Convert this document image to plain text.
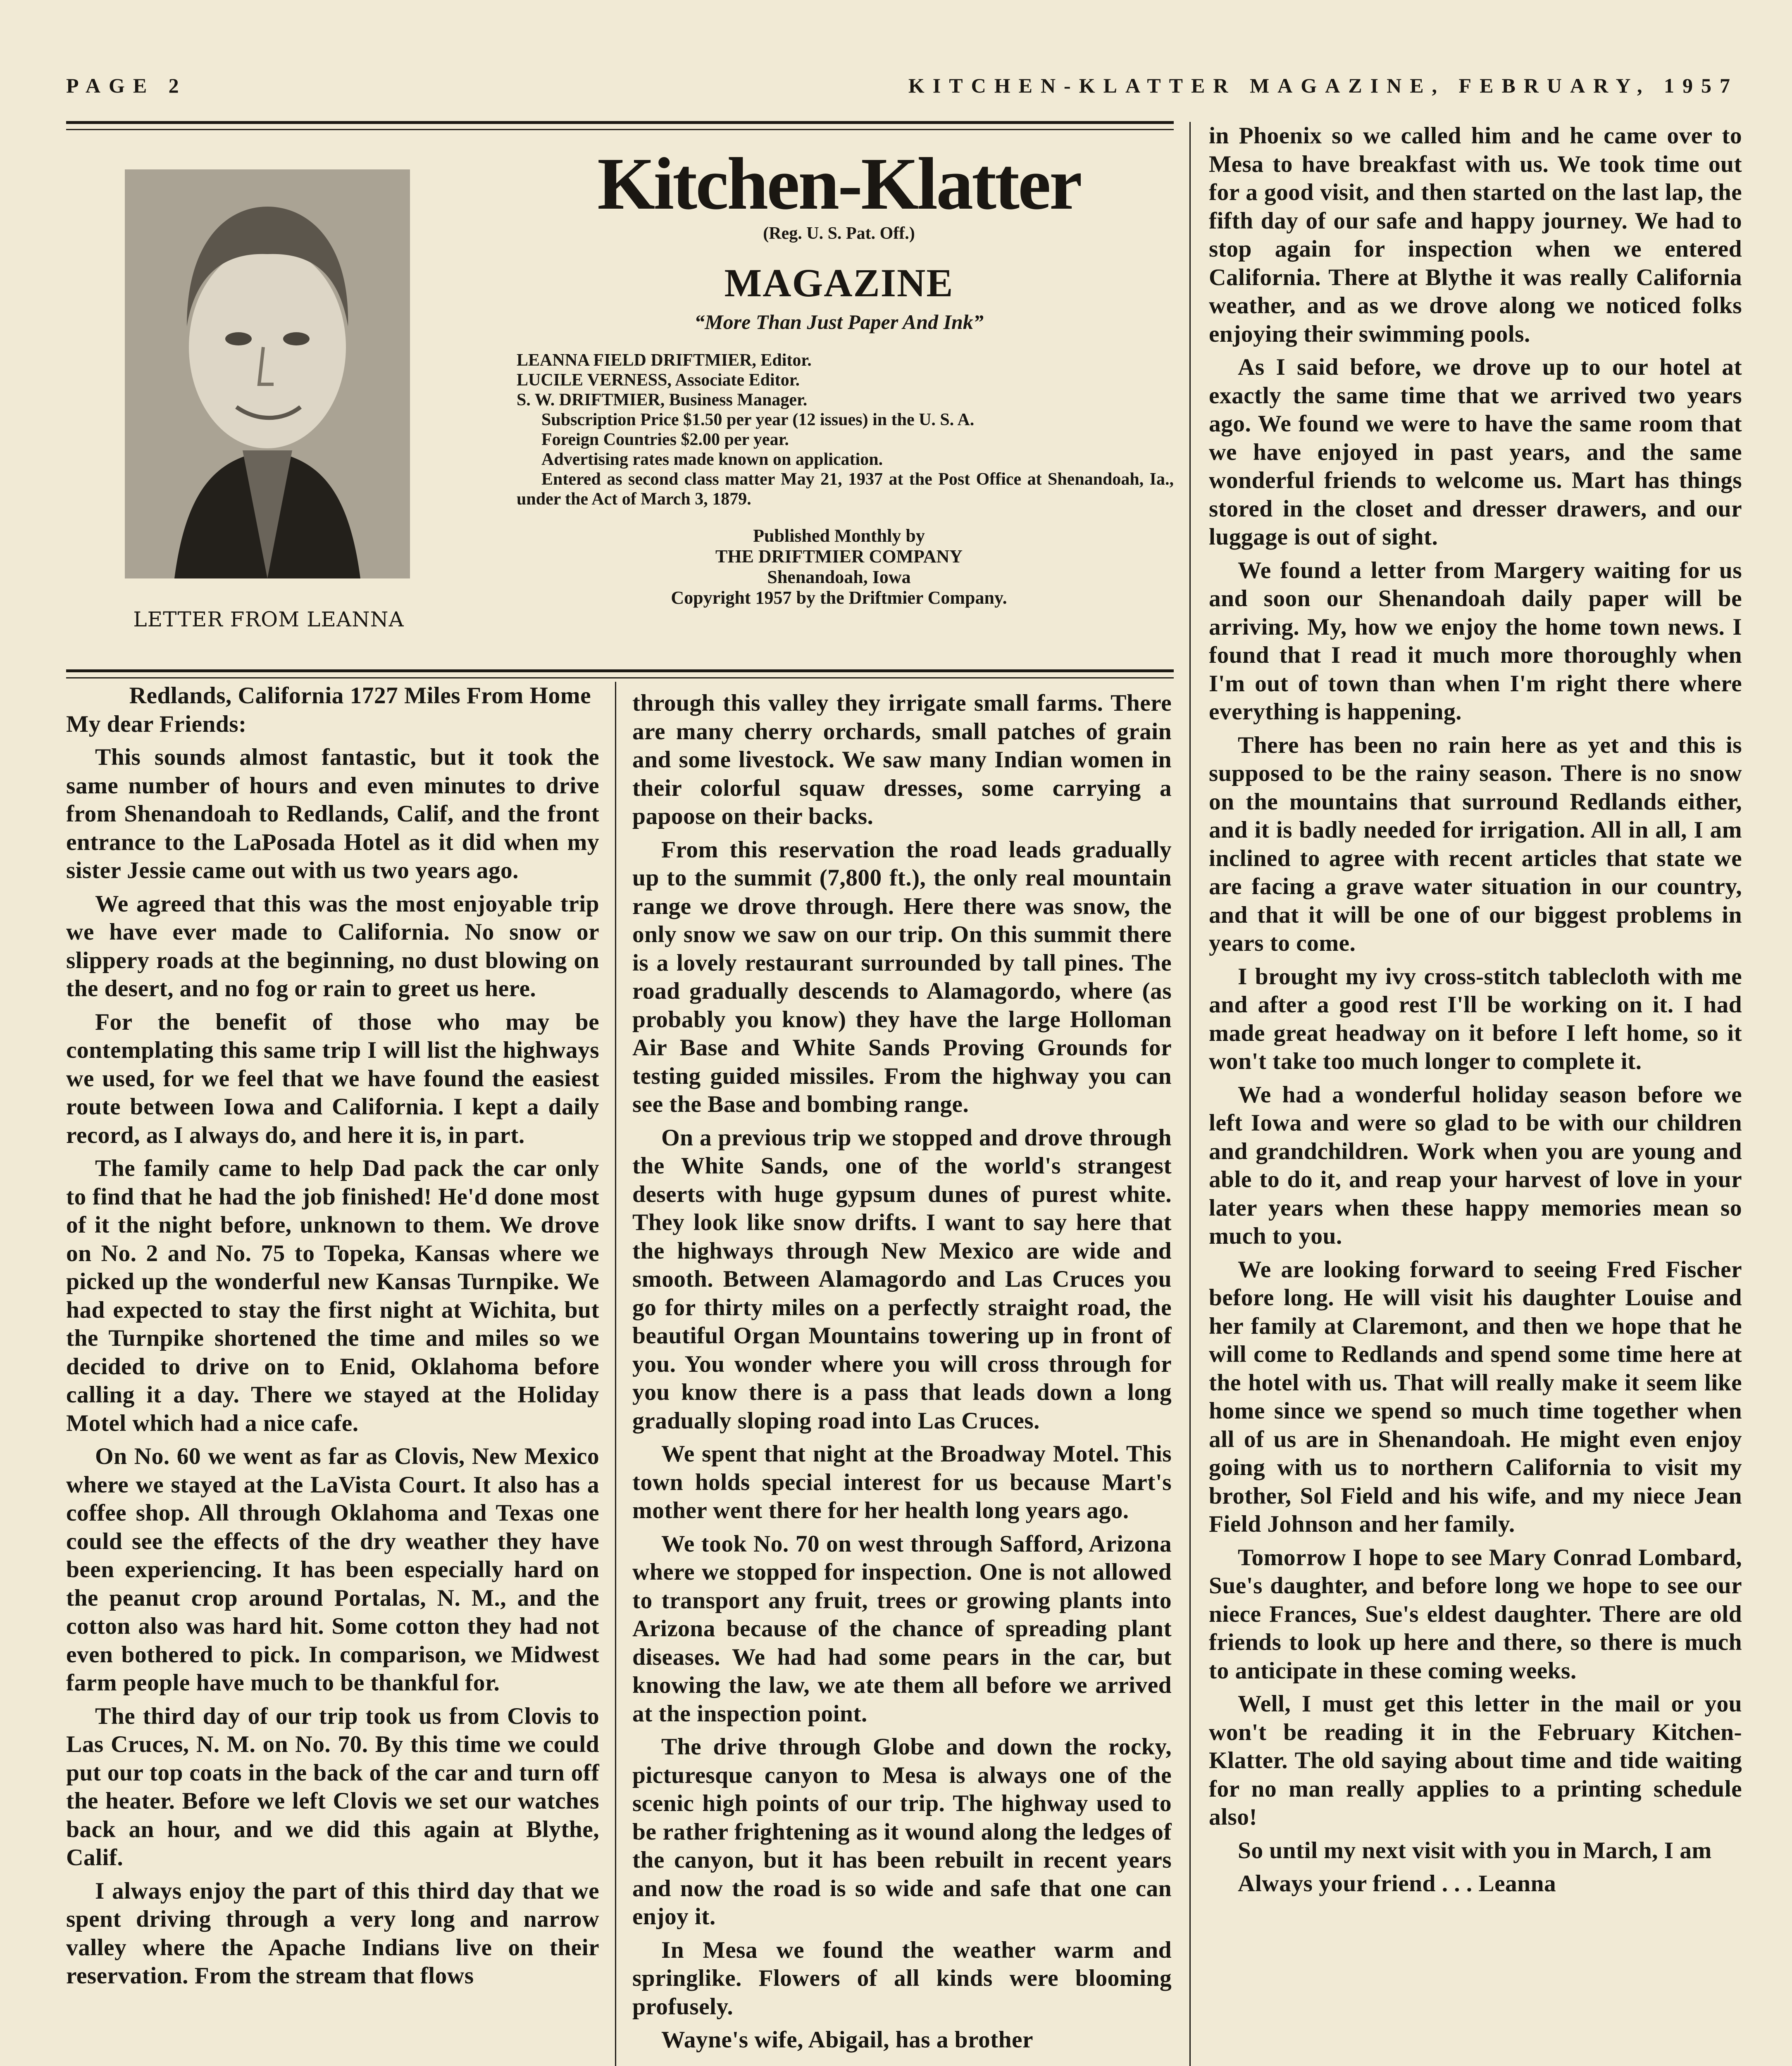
PAGE 2	KITCHEN-KLATTER MAGAZINE, FEBRUARY, 1957
LETTER FROM LEANNA
Kitchen-Klatter
(Reg. U. S. Pat. Off.)
MAGAZINE
“More Than Just Paper And Ink”
LEANNA FIELD DRIFTMIER, Editor.
LUCILE VERNESS, Associate Editor.
S. W. DRIFTMIER, Business Manager.

Subscription Price $1.50 per year (12 issues) in the U. S. A.

Foreign Countries $2.00 per year.

Advertising rates made known on application.

Entered as second class matter May 21, 1937 at the Post Office at Shenandoah, Ia., under the Act of March 3, 1879.

Published Monthly by
THE DRIFTMIER COMPANY
Shenandoah, Iowa
Copyright 1957 by the Driftmier Company.
Redlands, California 1727 Miles From Home

My dear Friends:

This sounds almost fantastic, but it took the same number of hours and even minutes to drive from Shenandoah to Redlands, Calif, and the front entrance to the LaPosada Hotel as it did when my sister Jessie came out with us two years ago.

We agreed that this was the most enjoyable trip we have ever made to California. No snow or slippery roads at the beginning, no dust blowing on the desert, and no fog or rain to greet us here.

For the benefit of those who may be contemplating this same trip I will list the highways we used, for we feel that we have found the easiest route between Iowa and California. I kept a daily record, as I always do, and here it is, in part.

The family came to help Dad pack the car only to find that he had the job finished! He'd done most of it the night before, unknown to them. We drove on No. 2 and No. 75 to Topeka, Kansas where we picked up the wonderful new Kansas Turnpike. We had expected to stay the first night at Wichita, but the Turnpike shortened the time and miles so we decided to drive on to Enid, Oklahoma before calling it a day. There we stayed at the Holiday Motel which had a nice cafe.

On No. 60 we went as far as Clovis, New Mexico where we stayed at the LaVista Court. It also has a coffee shop. All through Oklahoma and Texas one could see the effects of the dry weather they have been experiencing. It has been especially hard on the peanut crop around Portalas, N. M., and the cotton also was hard hit. Some cotton they had not even bothered to pick. In comparison, we Midwest farm people have much to be thankful for.

The third day of our trip took us from Clovis to Las Cruces, N. M. on No. 70. By this time we could put our top coats in the back of the car and turn off the heater. Before we left Clovis we set our watches back an hour, and we did this again at Blythe, Calif.

I always enjoy the part of this third day that we spent driving through a very long and narrow valley where the Apache Indians live on their reservation. From the stream that flows

through this valley they irrigate small farms. There are many cherry orchards, small patches of grain and some livestock. We saw many Indian women in their colorful squaw dresses, some carrying a papoose on their backs.

From this reservation the road leads gradually up to the summit (7,800 ft.), the only real mountain range we drove through. Here there was snow, the only snow we saw on our trip. On this summit there is a lovely restaurant surrounded by tall pines. The road gradually descends to Alamagordo, where (as probably you know) they have the large Holloman Air Base and White Sands Proving Grounds for testing guided missiles. From the highway you can see the Base and bombing range.

On a previous trip we stopped and drove through the White Sands, one of the world's strangest deserts with huge gypsum dunes of purest white. They look like snow drifts. I want to say here that the highways through New Mexico are wide and smooth. Between Alamagordo and Las Cruces you go for thirty miles on a perfectly straight road, the beautiful Organ Mountains towering up in front of you. You wonder where you will cross through for you know there is a pass that leads down a long gradually sloping road into Las Cruces.

We spent that night at the Broadway Motel. This town holds special interest for us because Mart's mother went there for her health long years ago.

We took No. 70 on west through Safford, Arizona where we stopped for inspection. One is not allowed to transport any fruit, trees or growing plants into Arizona because of the chance of spreading plant diseases. We had had some pears in the car, but knowing the law, we ate them all before we arrived at the inspection point.

The drive through Globe and down the rocky, picturesque canyon to Mesa is always one of the scenic high points of our trip. The highway used to be rather frightening as it wound along the ledges of the canyon, but it has been rebuilt in recent years and now the road is so wide and safe that one can enjoy it.

In Mesa we found the weather warm and springlike. Flowers of all kinds were blooming profusely.

Wayne's wife, Abigail, has a brother

in Phoenix so we called him and he came over to Mesa to have breakfast with us. We took time out for a good visit, and then started on the last lap, the fifth day of our safe and happy journey. We had to stop again for inspection when we entered California. There at Blythe it was really California weather, and as we drove along we noticed folks enjoying their swimming pools.

As I said before, we drove up to our hotel at exactly the same time that we arrived two years ago. We found we were to have the same room that we have enjoyed in past years, and the same wonderful friends to welcome us. Mart has things stored in the closet and dresser drawers, and our luggage is out of sight.

We found a letter from Margery waiting for us and soon our Shenandoah daily paper will be arriving. My, how we enjoy the home town news. I found that I read it much more thoroughly when I'm out of town than when I'm right there where everything is happening.

There has been no rain here as yet and this is supposed to be the rainy season. There is no snow on the mountains that surround Redlands either, and it is badly needed for irrigation. All in all, I am inclined to agree with recent articles that state we are facing a grave water situation in our country, and that it will be one of our biggest problems in years to come.

I brought my ivy cross-stitch tablecloth with me and after a good rest I'll be working on it. I had made great headway on it before I left home, so it won't take too much longer to complete it.

We had a wonderful holiday season before we left Iowa and were so glad to be with our children and grandchildren. Work when you are young and able to do it, and reap your harvest of love in your later years when these happy memories mean so much to you.

We are looking forward to seeing Fred Fischer before long. He will visit his daughter Louise and her family at Claremont, and then we hope that he will come to Redlands and spend some time here at the hotel with us. That will really make it seem like home since we spend so much time together when all of us are in Shenandoah. He might even enjoy going with us to northern California to visit my brother, Sol Field and his wife, and my niece Jean Field Johnson and her family.

Tomorrow I hope to see Mary Conrad Lombard, Sue's daughter, and before long we hope to see our niece Frances, Sue's eldest daughter. There are old friends to look up here and there, so there is much to anticipate in these coming weeks.

Well, I must get this letter in the mail or you won't be reading it in the February Kitchen-Klatter. The old saying about time and tide waiting for no man really applies to a printing schedule also!

So until my next visit with you in March, I am

Always your friend . . . Leanna
